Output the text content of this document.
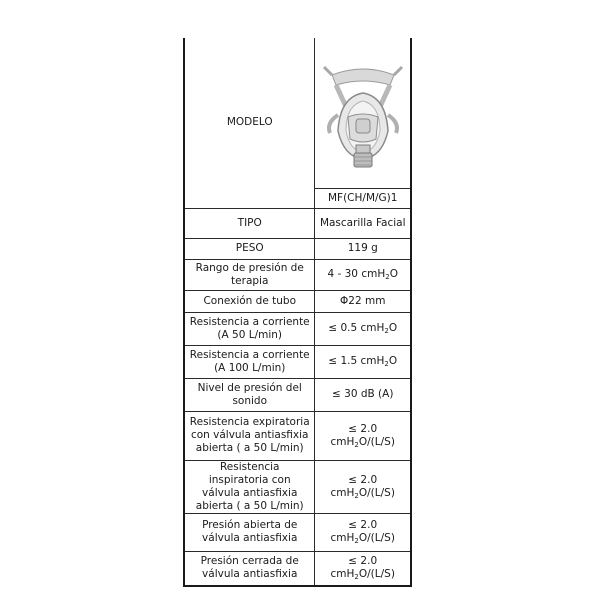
MODELO	

	MF(CH/M/G)1
TIPO	Mascarilla Facial
PESO	119 g
Rango de presión de terapia	4 - 30 cmH$_2$O
Conexión de tubo	Φ22 mm
Resistencia a corriente (A 50 L/min)	≤ 0.5 cmH$_2$O
Resistencia a corriente (A 100 L/min)	≤ 1.5 cmH$_2$O
Nivel de presión del sonido	≤ 30 dB (A)
Resistencia expiratoria con válvula antiasfixia abierta ( a 50 L/min)	≤ 2.0 cmH$_2$O/(L/S)
Resistencia inspiratoria con válvula antiasfixia abierta ( a 50 L/min)	≤ 2.0 cmH$_2$O/(L/S)
Presión abierta de válvula antiasfixia	≤ 2.0 cmH$_2$O/(L/S)
Presión cerrada de válvula antiasfixia	≤ 2.0 cmH$_2$O/(L/S)
